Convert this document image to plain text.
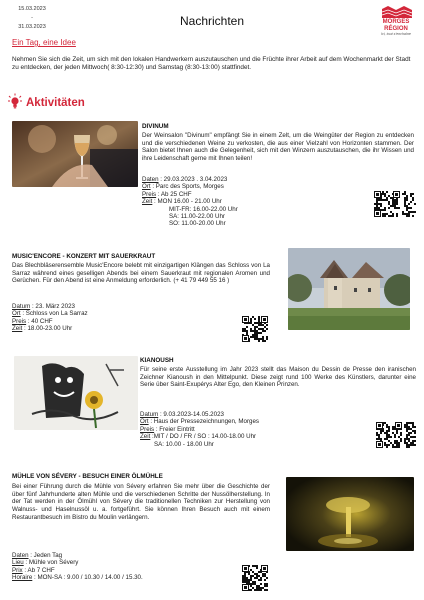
15.03.2023
-
31.03.2023	Nachrichten	MORGES
RÉGION
Ici, tout s'enchaîne
Ein Tag, eine Idee
Nehmen Sie sich die Zeit, um sich mit den lokalen Handwerkern auszutauschen und die Früchte ihrer Arbeit auf dem Wochenmarkt der Stadt zu entdecken, der jeden Mittwoch( 8:30-12:30) und Samstag (8:30-13:00) stattfindet.
Aktivitäten
DIVINUM
Der Weinsalon "Divinum" empfängt Sie in einem Zelt, um die Weingüter der Region zu entdecken und die verschiedenen Weine zu verkosten, die aus einer Vielzahl von Horizonten stammen. Der Salon bietet Ihnen auch die Gelegenheit, sich mit den Winzern auszutauschen, die ihr Wissen und ihre Leidenschaft gerne mit Ihnen teilen!
Daten : 29.03.2023 . 3.04.2023
Ort : Parc des Sports, Morges
Preis : Ab 25 CHF
Zeit : MON 16.00 - 21.00 Uhr
MIT-FR: 16.00-22.00 Uhr
SA: 11.00-22.00 Uhr
SO: 11.00-20.00 Uhr
MUSIC'ENCORE - KONZERT MIT SAUERKRAUT
Das Blechbläserensemble Music'Encore belebt mit einzigartigen Klängen das Schloss von La Sarraz während eines geselligen Abends bei einem Sauerkraut mit regionalen Aromen und Gerüchen. Für den Abend ist eine Anmeldung erforderlich. (+ 41 79 449 55 16 )
Datum : 23. März 2023
Ort : Schloss von La Sarraz
Preis : 40 CHF
Zeit : 18.00-23.00 Uhr
KIANOUSH
Für seine erste Ausstellung im Jahr 2023 stellt das Maison du Dessin de Presse den iranischen Zeichner Kianoush in den Mittelpunkt. Diese zeigt rund 100 Werke des Künstlers, darunter eine Serie über Saint-Exupérys Alter Ego, den Kleinen Prinzen.
Datum : 9.03.2023-14.05.2023
Ort : Haus der Pressezeichnungen, Morges
Preis : Freier Eintritt
Zeit :MIT / DO / FR / SO : 14.00-18.00 Uhr
SA: 10.00 - 18.00 Uhr
MÜHLE VON SÉVERY - BESUCH EINER ÖLMÜHLE
Bei einer Führung durch die Mühle von Sévery erfahren Sie mehr über die Geschichte der über fünf Jahrhunderte alten Mühle und die verschiedenen Schritte der Nussölherstellung. In der Tat werden in der Ölmühl von Sévery die traditionellen Techniken zur Herstellung von Walnuss- und Haselnussöl u. a. fortgeführt. Sie können Ihren Besuch auch mit einem Restaurantbesuch im Bistro du Moulin verlängern.
Daten : Jeden Tag
Lieu : Mühle von Sévery
Prix : Ab 7 CHF
Horaire : MON-SA : 9.00 / 10.30 / 14.00 / 15.30.
